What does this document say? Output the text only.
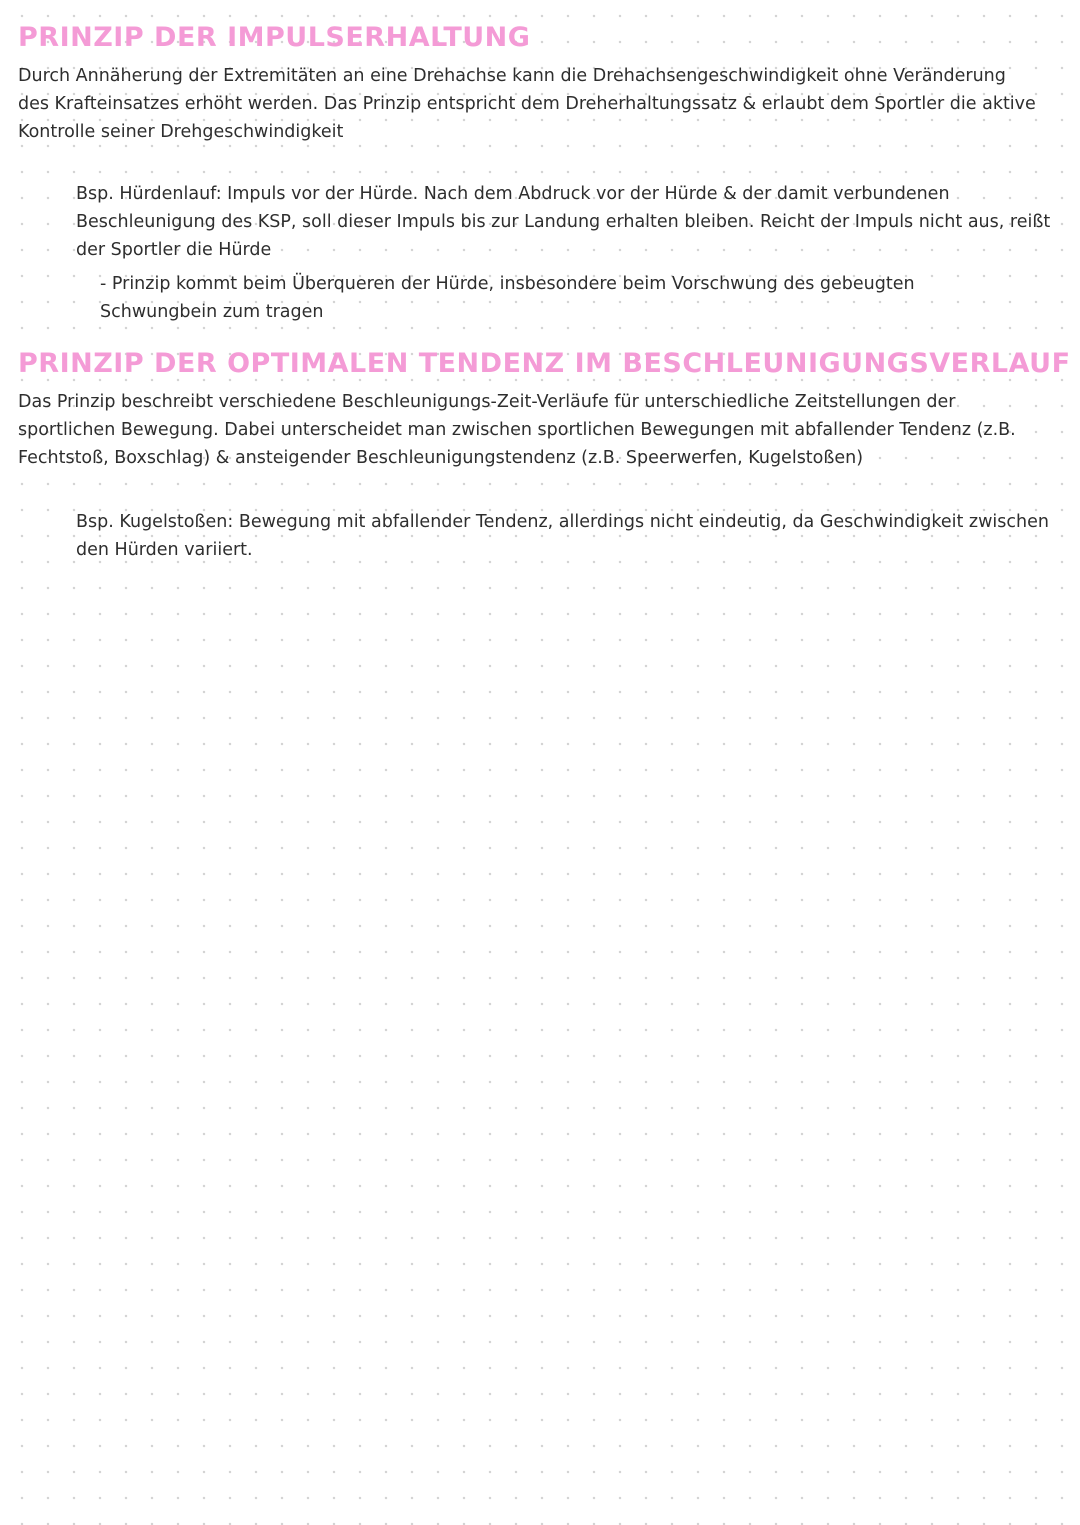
PRINZIP DER IMPULSERHALTUNG

Durch Annäherung der Extremitäten an eine Drehachse kann die Drehachsengeschwindigkeit ohne Veränderung des Krafteinsatzes erhöht werden. Das Prinzip entspricht dem Dreherhaltungssatz & erlaubt dem Sportler die aktive Kontrolle seiner Drehgeschwindigkeit

Bsp. Hürdenlauf: Impuls vor der Hürde. Nach dem Abdruck vor der Hürde & der damit verbundenen Beschleunigung des KSP, soll dieser Impuls bis zur Landung erhalten bleiben. Reicht der Impuls nicht aus, reißt der Sportler die Hürde

- Prinzip kommt beim Überqueren der Hürde, insbesondere beim Vorschwung des gebeugten Schwungbein zum tragen

PRINZIP DER OPTIMALEN TENDENZ IM BESCHLEUNIGUNGSVERLAUF

Das Prinzip beschreibt verschiedene Beschleunigungs-Zeit-Verläufe für unterschiedliche Zeitstellungen der sportlichen Bewegung. Dabei unterscheidet man zwischen sportlichen Bewegungen mit abfallender Tendenz (z.B. Fechtstoß, Boxschlag) & ansteigender Beschleunigungstendenz (z.B. Speerwerfen, Kugelstoßen)

Bsp. Kugelstoßen: Bewegung mit abfallender Tendenz, allerdings nicht eindeutig, da Geschwindigkeit zwischen den Hürden variiert.
